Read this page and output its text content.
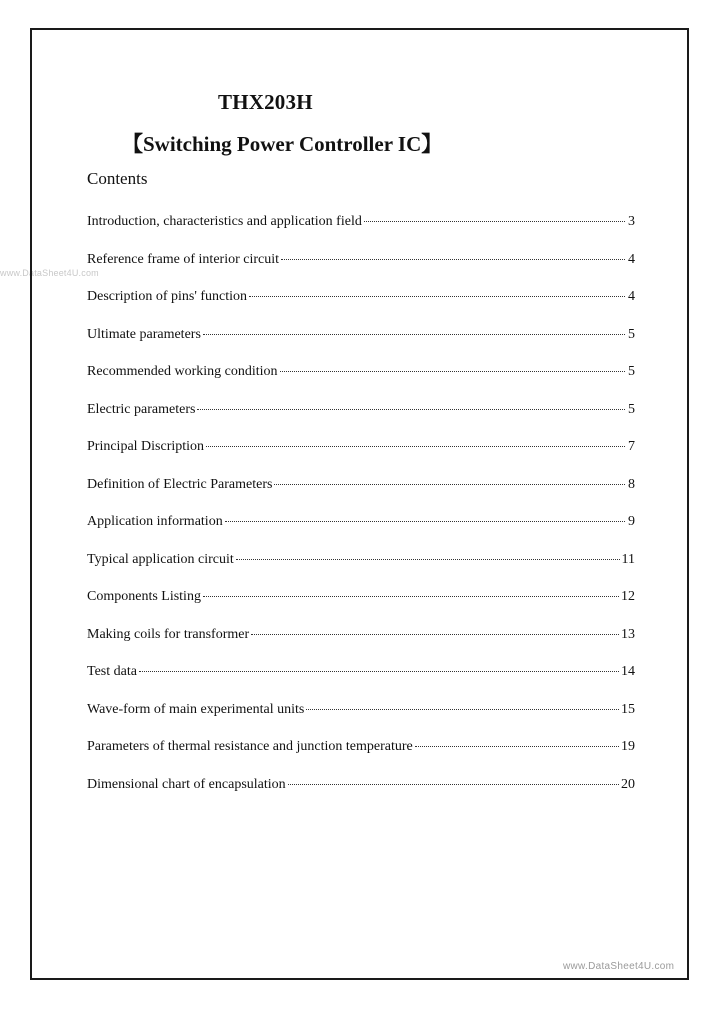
www.DataSheet4U.com
THX203H
【Switching Power Controller IC】
Contents
Introduction, characteristics and application field	3
Reference frame of interior circuit	4
Description of pins' function	4
Ultimate parameters	5
Recommended working condition	5
Electric parameters	5
Principal Discription	7
Definition of Electric Parameters	8
Application information	9
Typical application circuit	11
Components Listing	12
Making coils for transformer	13
Test data	14
Wave-form of main experimental units	15
Parameters of thermal resistance and junction temperature	19
Dimensional chart of encapsulation	20
www.DataSheet4U.com
